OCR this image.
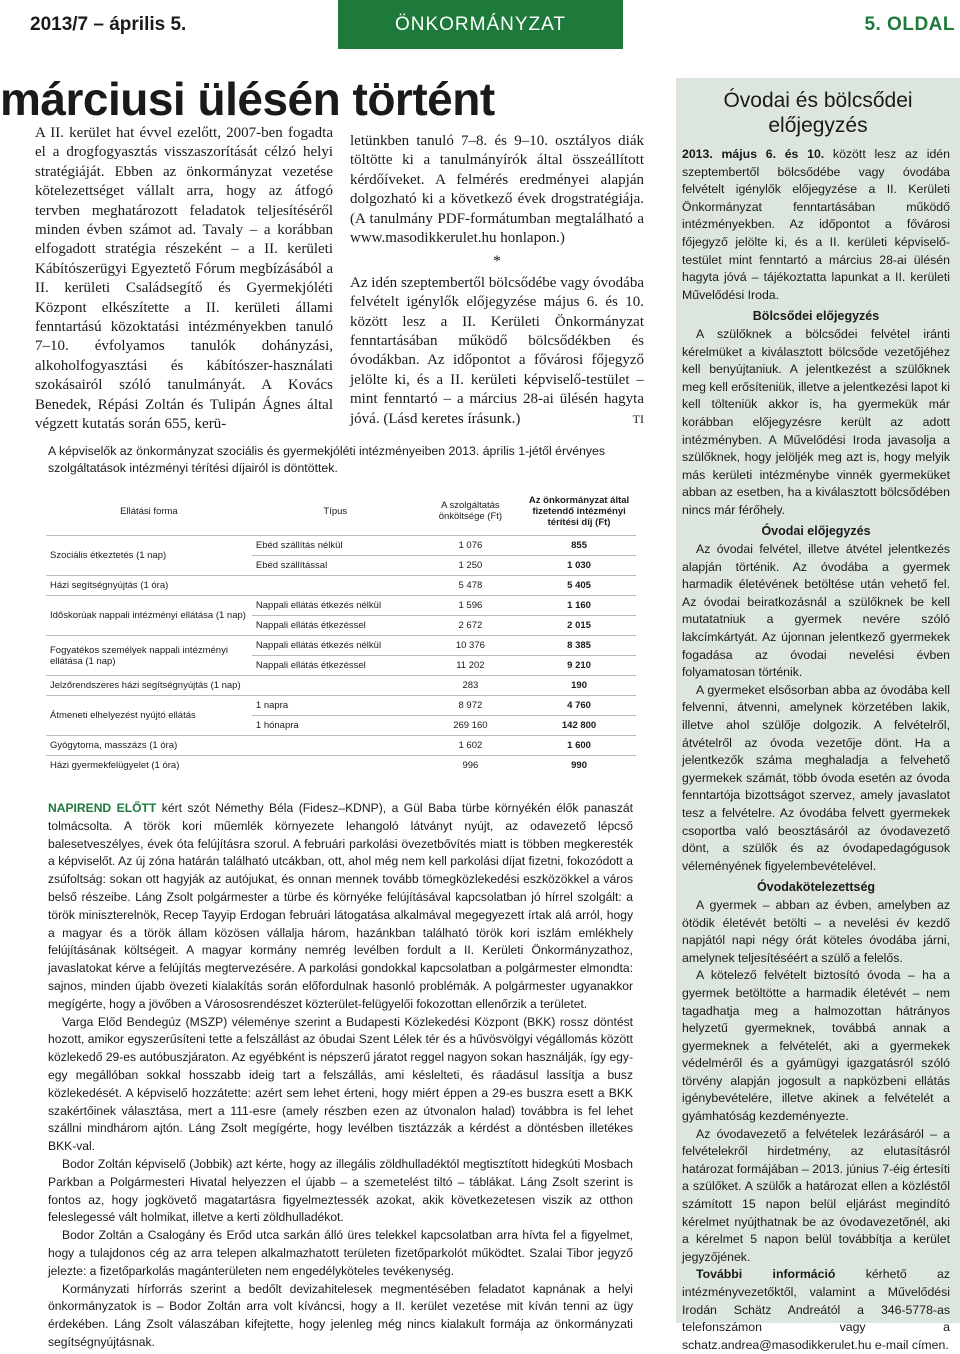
2013/7 – április 5.	ÖNKORMÁNYZAT	5. OLDAL
márciusi ülésén történt

A II. kerület hat évvel ezelőtt, 2007-ben fogadta el a drogfogyasztás visszaszorítását célzó helyi stratégiáját. Ebben az önkormányzat vezetése kötelezettséget vállalt arra, hogy az átfogó tervben meghatározott feladatok teljesítéséről minden évben számot ad. Tavaly – a korábban elfogadott stratégia részeként – a II. kerületi Kábítószerügyi Egyeztető Fórum megbízásából a II. kerületi Családsegítő és Gyermekjóléti Központ elkészítette a II. kerületi állami fenntartású közoktatási intézményekben tanuló 7–10. évfolyamos tanulók dohányzási, alkoholfogyasztási és kábítószer-használati szokásairól szóló tanulmányát. A Kovács Benedek, Répási Zoltán és Tulipán Ágnes által végzett kutatás során 655, kerü-

letünkben tanuló 7–8. és 9–10. osztályos diák töltötte ki a tanulmányírók által összeállított kérdőíveket. A felmérés eredményei alapján dolgozható ki a következő évek drogstratégiája. (A tanulmány PDF-formátumban megtalálható a www.masodikkerulet.hu honlapon.)

*

Az idén szeptembertől bölcsődébe vagy óvodába felvételt igénylők előjegyzése május 6. és 10. között lesz a II. Kerületi Önkormányzat fenntartásában működő bölcsődékben és óvodákban. Az időpontot a fővárosi főjegyző jelölte ki, és a II. kerületi képviselő-testület – mint fenntartó – a március 28-ai ülésén hagyta jóvá. (Lásd keretes írásunk.)	TI

A képviselők az önkormányzat szociális és gyermekjóléti intézményeiben 2013. április 1-jétől érvényes szolgáltatások intézményi térítési díjairól is döntöttek.
Ellátási forma	Típus	A szolgáltatás önköltsége (Ft)	Az önkormányzat által fizetendő intézményi térítési díj (Ft)
Szociális étkeztetés (1 nap)	Ebéd szállítás nélkül	1 076	855
	Ebéd szállítással	1 250	1 030
Házi segítségnyújtás (1 óra)		5 478	5 405
Időskorúak nappali intézményi ellátása (1 nap)	Nappali ellátás étkezés nélkül	1 596	1 160
	Nappali ellátás étkezéssel	2 672	2 015
Fogyatékos személyek nappali intézményi ellátása (1 nap)	Nappali ellátás étkezés nélkül	10 376	8 385
	Nappali ellátás étkezéssel	11 202	9 210
Jelzőrendszeres házi segítségnyújtás (1 nap)		283	190
Átmeneti elhelyezést nyújtó ellátás	1 napra	8 972	4 760
	1 hónapra	269 160	142 800
Gyógytorna, masszázs (1 óra)		1 602	1 600
Házi gyermekfelügyelet (1 óra)		996	990

NAPIREND ELŐTT kért szót Némethy Béla (Fidesz–KDNP), a Gül Baba türbe környékén élők panaszát tolmácsolta. A török kori műemlék környezete lehangoló látványt nyújt, az odavezető lépcső balesetveszélyes, évek óta felújításra szorul. A februári parkolási övezetbővítés miatt is többen megkeresték a képviselőt. Az új zóna határán található utcákban, ott, ahol még nem kell parkolási díjat fizetni, fokozódott a zsúfoltság: sokan ott hagyják az autójukat, és onnan mennek tovább tömegközlekedési eszközökkel a város belső részeibe. Láng Zsolt polgármester a türbe és környéke felújításával kapcsolatban jó hírrel szolgált: a török miniszterelnök, Recep Tayyip Erdogan februári látogatása alkalmával megegyezett írtak alá arról, hogy a magyar és a török állam közösen vállalja három, hazánkban található török kori iszlám emlékhely felújításának költségeit. A magyar kormány nemrég levélben fordult a II. Kerületi Önkormányzathoz, javaslatokat kérve a felújítás megtervezésére. A parkolási gondokkal kapcsolatban a polgármester elmondta: sajnos, minden újabb övezeti kialakítás során előfordulnak hasonló problémák. A polgármester ugyanakkor megígérte, hogy a jövőben a Várososrendészet közterület-felügyelői fokozottan ellenőrzik a területet.

Varga Előd Bendegúz (MSZP) véleménye szerint a Budapesti Közlekedési Központ (BKK) rossz döntést hozott, amikor egyszerűsíteni tette a felszállást az óbudai Szent Lélek tér és a hűvösvölgyi végállomás között közlekedő 29-es autóbuszjáraton. Az egyébként is népszerű járatot reggel nagyon sokan használják, így egy-egy megállóban sokkal hosszabb ideig tart a felszállás, ami késlelteti, és ráadásul lassítja a busz közlekedését. A képviselő hozzátette: azért sem lehet érteni, hogy miért éppen a 29-es buszra esett a BKK szakértőinek választása, mert a 111-esre (amely részben ezen az útvonalon halad) továbbra is fel lehet szállni mindhárom ajtón. Láng Zsolt megígérte, hogy levélben tisztázzák a kérdést a döntésben illetékes BKK-val.

Bodor Zoltán képviselő (Jobbik) azt kérte, hogy az illegális zöldhulladéktól megtisztított hidegkúti Mosbach Parkban a Polgármesteri Hivatal helyezzen el újabb – a szemetelést tiltó – táblákat. Láng Zsolt szerint is fontos az, hogy jogkövető magatartásra figyelmeztessék azokat, akik következetesen viszik az otthon feleslegessé vált holmikat, illetve a kerti zöldhulladékot.

Bodor Zoltán a Csalogány és Erőd utca sarkán álló üres telekkel kapcsolatban arra hívta fel a figyelmet, hogy a tulajdonos cég az arra telepen alkalmazhatott területen fizetőparkolót működtet. Szalai Tibor jegyző jelezte: a fizetőparkolás magánterületen nem engedélyköteles tevékenység.

Kormányzati hírforrás szerint a bedőlt devizahitelesek megmentésében feladatot kapnának a helyi önkormányzatok is – Bodor Zoltán arra volt kíváncsi, hogy a II. kerület vezetése mit kíván tenni az ügy érdekében. Láng Zsolt válaszában kifejtette, hogy jelenleg még nincs kialakult formája az önkormányzati segítségnyújtásnak.

Óvodai és bölcsődei előjegyzés

2013. május 6. és 10. között lesz az idén szeptembertől bölcsődébe vagy óvodába felvételt igénylők előjegyzése a II. Kerületi Önkormányzat fenntartásában működő intézményekben. Az időpontot a fővárosi főjegyző jelölte ki, és a II. kerületi képviselő-testület mint fenntartó a március 28-ai ülésén hagyta jóvá – tájékoztatta lapunkat a II. kerületi Művelődési Iroda.

Bölcsődei előjegyzés

A szülőknek a bölcsődei felvétel iránti kérelmüket a kiválasztott bölcsőde vezetőjéhez kell benyújtaniuk. A jelentkezést a szülőknek meg kell erősíteniük, illetve a jelentkezési lapot ki kell tölteniük akkor is, ha gyermekük már korábban előjegyzésre került az adott intézményben. A Művelődési Iroda javasolja a szülőknek, hogy jelöljék meg azt is, hogy melyik más kerületi intézménybe vinnék gyermeküket abban az esetben, ha a kiválasztott bölcsődében nincs már férőhely.

Óvodai előjegyzés

Az óvodai felvétel, illetve átvétel jelentkezés alapján történik. Az óvodába a gyermek harmadik életévének betöltése után vehető fel. Az óvodai beiratkozásnál a szülőknek be kell mutatatniuk a gyermek nevére szóló lakcímkártyát. Az újonnan jelentkező gyermekek fogadása az óvodai nevelési évben folyamatosan történik.

A gyermeket elsősorban abba az óvodába kell felvenni, átvenni, amelynek körzetében lakik, illetve ahol szülője dolgozik. A felvételről, átvételről az óvoda vezetője dönt. Ha a jelentkezők száma meghaladja a felvehető gyermekek számát, több óvoda esetén az óvoda fenntartója bizottságot szervez, amely javaslatot tesz a felvételre. Az óvodába felvett gyermekek csoportba való beosztásáról az óvodavezető dönt, a szülők és az óvodapedagógusok véleményének figyelembevételével.

Óvodakötelezettség

A gyermek – abban az évben, amelyben az ötödik életévét betölti – a nevelési év kezdő napjától napi négy órát köteles óvodába járni, amelynek teljesítéséért a szülő a felelős.

A kötelező felvételt biztosító óvoda – ha a gyermek betöltötte a harmadik életévét – nem tagadhatja meg a halmozottan hátrányos helyzetű gyermeknek, továbbá annak a gyermeknek a felvételét, aki a gyermekek védelméről és a gyámügyi igazgatásról szóló törvény alapján jogosult a napközbeni ellátás igénybevételére, illetve akinek a felvételét a gyámhatóság kezdeményezte.

Az óvodavezető a felvételek lezárásáról – a felvételekről hirdetmény, az elutasításról határozat formájában – 2013. június 7-éig értesíti a szülőket. A szülők a határozat ellen a közléstől számított 15 napon belül eljárást megindító kérelmet nyújthatnak be az óvodavezetőnél, aki a kérelmet 5 napon belül továbbítja a kerület jegyzőjének.

További információ kérhető az intézményvezetőktől, valamint a Művelődési Irodán Schätz Andreától a 346-5778-as telefonszámon vagy a schatz.andrea@masodikkerulet.hu e-mail címen.
